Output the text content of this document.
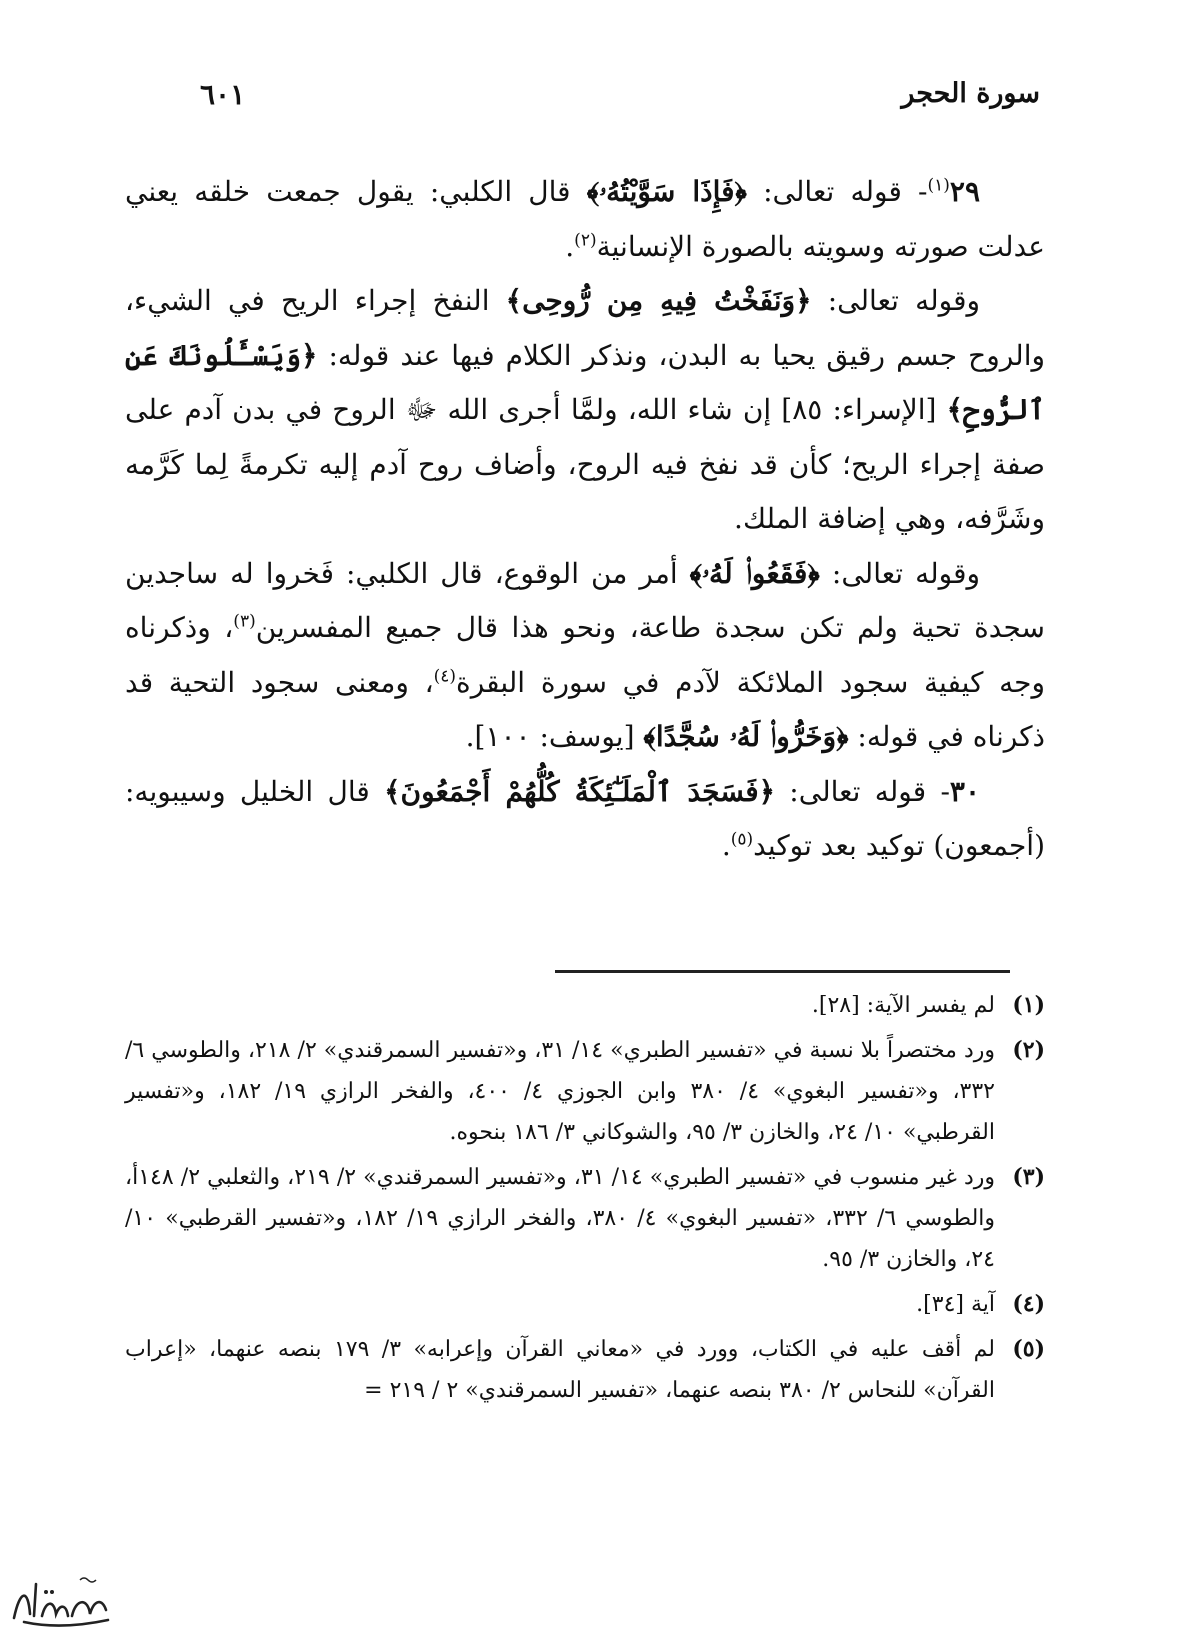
سورة الحجر
٦٠١

٢٩$^{(١)}$- قوله تعالى: ﴿فَإِذَا سَوَّيْتُهُۥ﴾ قال الكلبي: يقول جمعت خلقه يعني عدلت صورته وسويته بالصورة الإنسانية$^{(٢)}$.

وقوله تعالى: ﴿وَنَفَخْتُ فِيهِ مِن رُّوحِى﴾ النفخ إجراء الريح في الشيء، والروح جسم رقيق يحيا به البدن، ونذكر الكلام فيها عند قوله: ﴿وَيَسْـَٔلُونَكَ عَنِ ٱلرُّوحِ﴾ [الإسراء: ٨٥] إن شاء الله، ولمَّا أجرى الله ﷻ الروح في بدن آدم على صفة إجراء الريح؛ كأن قد نفخ فيه الروح، وأضاف روح آدم إليه تكرمةً لِما كَرَّمه وشَرَّفه، وهي إضافة الملك.

وقوله تعالى: ﴿فَقَعُوا۟ لَهُۥ﴾ أمر من الوقوع، قال الكلبي: فَخروا له ساجدين سجدة تحية ولم تكن سجدة طاعة، ونحو هذا قال جميع المفسرين$^{(٣)}$، وذكرناه وجه كيفية سجود الملائكة لآدم في سورة البقرة$^{(٤)}$، ومعنى سجود التحية قد ذكرناه في قوله: ﴿وَخَرُّوا۟ لَهُۥ سُجَّدًا﴾ [يوسف: ١٠٠].

٣٠- قوله تعالى: ﴿فَسَجَدَ ٱلْمَلَـٰٓئِكَةُ كُلُّهُمْ أَجْمَعُونَ﴾ قال الخليل وسيبويه: (أجمعون) توكيد بعد توكيد$^{(٥)}$.

(١)
لم يفسر الآية: [٢٨].
(٢)
ورد مختصراً بلا نسبة في «تفسير الطبري» ١٤/ ٣١، و«تفسير السمرقندي» ٢/ ٢١٨، والطوسي ٦/ ٣٣٢، و«تفسير البغوي» ٤/ ٣٨٠ وابن الجوزي ٤/ ٤٠٠، والفخر الرازي ١٩/ ١٨٢، و«تفسير القرطبي» ١٠/ ٢٤، والخازن ٣/ ٩٥، والشوكاني ٣/ ١٨٦ بنحوه.
(٣)
ورد غير منسوب في «تفسير الطبري» ١٤/ ٣١، و«تفسير السمرقندي» ٢/ ٢١٩، والثعلبي ٢/ ١٤٨أ، والطوسي ٦/ ٣٣٢، «تفسير البغوي» ٤/ ٣٨٠، والفخر الرازي ١٩/ ١٨٢، و«تفسير القرطبي» ١٠/ ٢٤، والخازن ٣/ ٩٥.
(٤)
آية [٣٤].
(٥)
لم أقف عليه في الكتاب، وورد في «معاني القرآن وإعرابه» ٣/ ١٧٩ بنصه عنهما، «إعراب القرآن» للنحاس ٢/ ٣٨٠ بنصه عنهما، «تفسير السمرقندي» ٢ / ٢١٩ =
